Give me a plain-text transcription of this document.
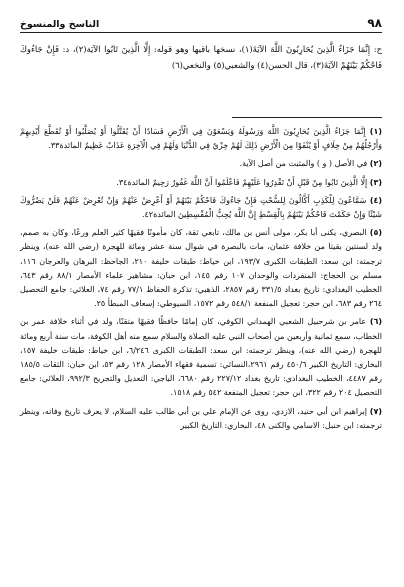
٩٨
الناسخ والمنسوخ

ح: إِنَّمَا جَزَاءُ الَّذِينَ يُحَارِبُونَ اللَّهَ الآيَةَ(١)، نسخها باقيها وهو قوله: إِلَّا الَّذِينَ تَابُوا الآيَة(٢)، د: فَإِنْ جَاءُوكَ فَاحْكُمْ بَيْنَهُمْ الآيَةَ(٣)، قال الحسن(٤) والشعبي(٥) والنخعي(٦)

(١) إِنَّمَا جَزَاءُ الَّذِينَ يُحَارِبُونَ اللَّهَ وَرَسُولَهُ وَيَسْعَوْنَ فِي الْأَرْضِ فَسَادًا أَنْ يُقَتَّلُوا أَوْ يُصَلَّبُوا أَوْ تُقَطَّعَ أَيْدِيهِمْ وَأَرْجُلُهُمْ مِنْ خِلَافٍ أَوْ يُنْفَوْا مِنَ الْأَرْضِ ذَلِكَ لَهُمْ خِزْيٌ فِي الدُّنْيَا وَلَهُمْ فِي الْآخِرَةِ عَذَابٌ عَظِيمٌ المائدة٣٣.

(٢) في الأصل ( و ) والمثبت من أصل الآية.

(٣) إِلَّا الَّذِينَ تَابُوا مِنْ قَبْلِ أَنْ تَقْدِرُوا عَلَيْهِمْ فَاعْلَمُوا أَنَّ اللَّهَ غَفُورٌ رَحِيمٌ المائدة٣٤.

(٤) سَمَّاعُونَ لِلْكَذِبِ أَكَّالُونَ لِلسُّحْتِ فَإِنْ جَاءُوكَ فَاحْكُمْ بَيْنَهُمْ أَوْ أَعْرِضْ عَنْهُمْ وَإِنْ تُعْرِضْ عَنْهُمْ فَلَنْ يَضُرُّوكَ شَيْئًا وَإِنْ حَكَمْتَ فَاحْكُمْ بَيْنَهُمْ بِالْقِسْطِ إِنَّ اللَّهَ يُحِبُّ الْمُقْسِطِينَ المائدة٤٢.

(٥) البصري، يكنى أبا بكر، مولى أنس بن مالك، تابعي ثقة، كان مأمونًا فقيهًا كثير العلم ورعًا، وكان به صمم، ولد لسنتين بقيتا من خلافة عثمان، مات بالبصرة في شوال سنة عشر ومائة للهجرة (رضي الله عنه)، وينظر ترجمته: ابن سعد: الطبقات الكبرى ١٩٣/٧، ابن خياط: طبقات خليفة ٢١٠، الجاحظ: البرهان والعرجان ١١٦، مسلم بن الحجاج: المنفردات والوحدان ١٠٧ رقم ١٤٥، ابن حبان: مشاهير علماء الأمصار ٨٨/١ رقم ٦٤٣، الخطيب البغدادي: تاريخ بغداد ٣٣١/٥ رقم ٢٨٥٧، الذهبي: تذكرة الحفاظ ٧٧/١ رقم ٧٤، العلائي: جامع التحصيل ٢٦٤ رقم ٦٨٣، ابن حجر: تعجيل المنفعة ٥٤٨/١ رقم ١٥٧٢، السيوطي: إسعاف المبطأ ٢٥.

(٦) عامر بن شرحبيل الشعبي الهمداني الكوفي، كان إمامًا حافظًا فقيهًا متقنًا، ولد في أثناء خلافة عمر بن الخطاب، سمع ثمانية وأربعين من أصحاب النبي عليه الصلاة والسلام سمع منه أهل الكوفة، مات سنة أربع ومائة للهجرة (رضي الله عنه)، وينظر ترجمته: ابن سعد: الطبقات الكبرى ٦/٢٤٦، ابن خياط: طبقات خليفة ١٥٧، البخاري: التاريخ الكبير ٤٥٠/٦ رقم ٢٩٦١،النسائي: تسمية فقهاء الأمصار ١٢٨ رقم ٥٣، ابن حبان: الثقات ١٨٥/٥ رقم ٤٤٨٧، الخطيب البغدادي: تاريخ بغداد ٢٢٧/١٢ رقم ٦٦٨٠، الباجي: التعديل والتجريح ٩٩٢/٣، العلائي: جامع التحصيل ٢٠٤ رقم ٣٢٢، ابن حجر: تعجيل المنفعة ٥٤٢ رقم ١٥١٨.

(٧) إبراهيم ابن أبي حنيد، الازدي، روى عن الإمام علي بن أبي طالب عليه السلام، لا يعرف تاريخ وفاته، وينظر ترجمته: ابن حنبل: الاسامي والكنى ٤٨، البخاري: التاريخ الكبير
